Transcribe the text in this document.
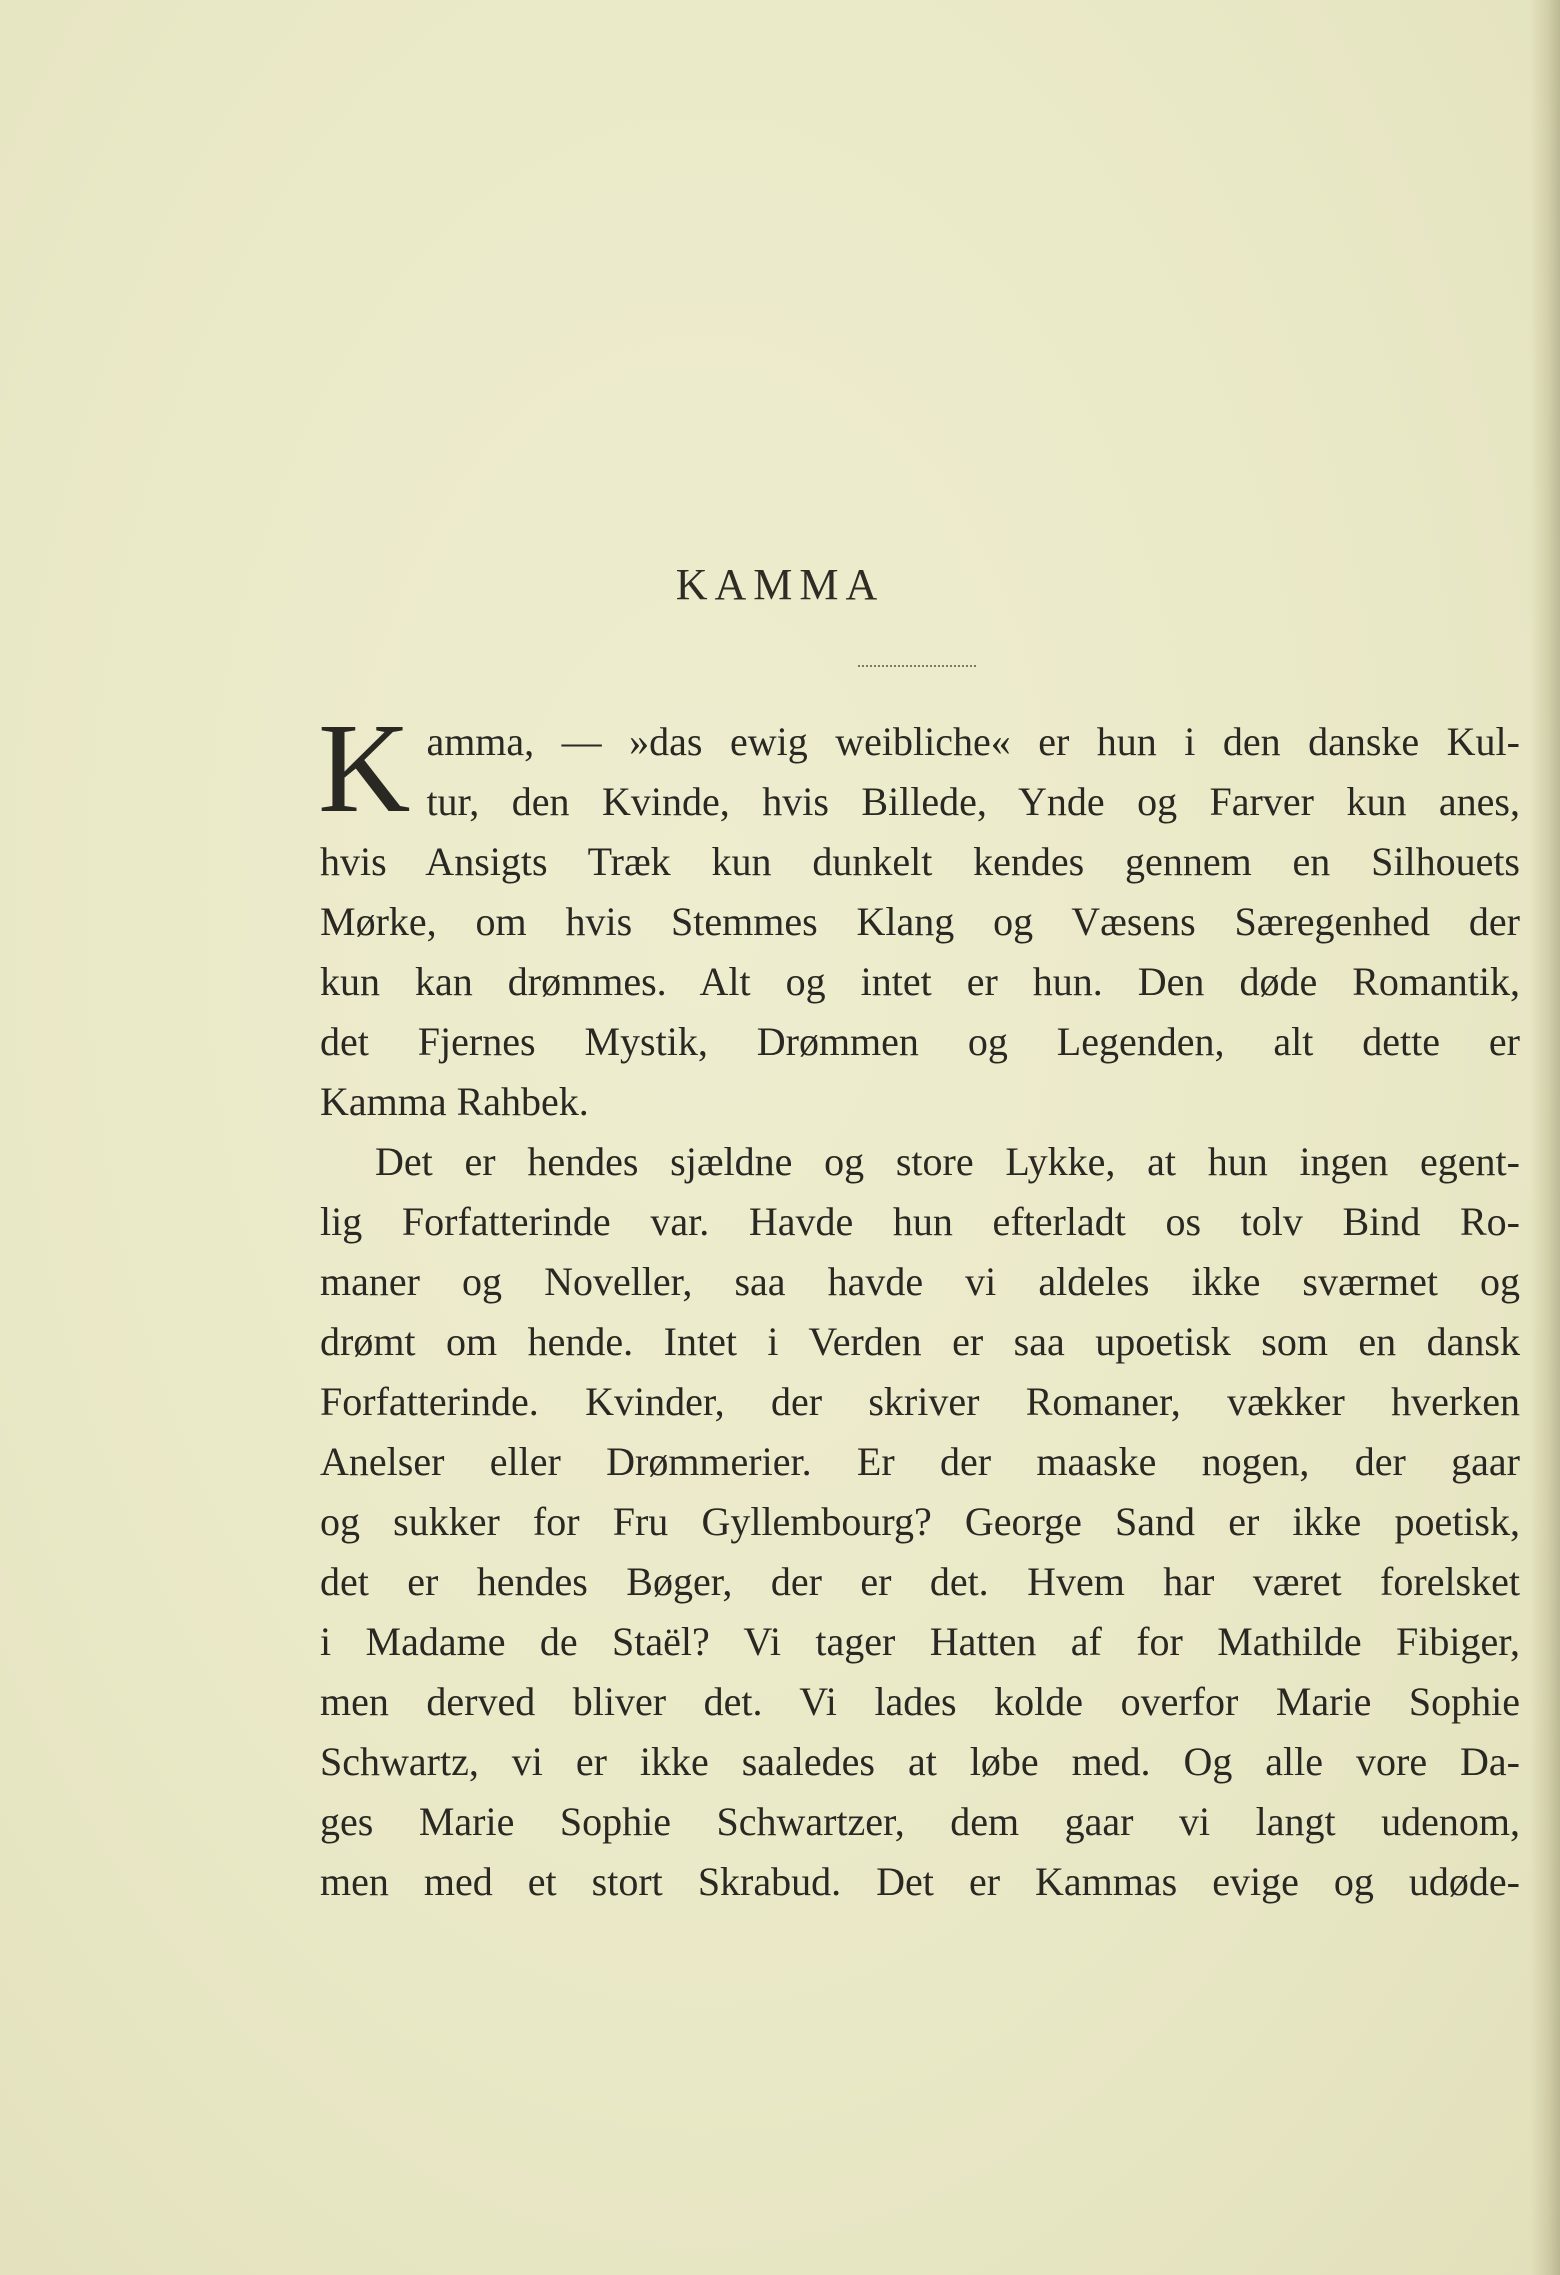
KAMMA
K amma, — »das ewig weibliche« er hun i den danske Kul-
tur, den Kvinde, hvis Billede, Ynde og Farver kun anes,
hvis Ansigts Træk kun dunkelt kendes gennem en Silhouets
Mørke, om hvis Stemmes Klang og Væsens Særegenhed der
kun kan drømmes. Alt og intet er hun. Den døde Romantik,
det Fjernes Mystik, Drømmen og Legenden, alt dette er
Kamma Rahbek.
Det er hendes sjældne og store Lykke, at hun ingen egent-
lig Forfatterinde var. Havde hun efterladt os tolv Bind Ro-
maner og Noveller, saa havde vi aldeles ikke sværmet og
drømt om hende. Intet i Verden er saa upoetisk som en dansk
Forfatterinde. Kvinder, der skriver Romaner, vækker hverken
Anelser eller Drømmerier. Er der maaske nogen, der gaar
og sukker for Fru Gyllembourg? George Sand er ikke poetisk,
det er hendes Bøger, der er det. Hvem har været forelsket
i Madame de Staël? Vi tager Hatten af for Mathilde Fibiger,
men derved bliver det. Vi lades kolde overfor Marie Sophie
Schwartz, vi er ikke saaledes at løbe med. Og alle vore Da-
ges Marie Sophie Schwartzer, dem gaar vi langt udenom,
men med et stort Skrabud. Det er Kammas evige og udøde-
